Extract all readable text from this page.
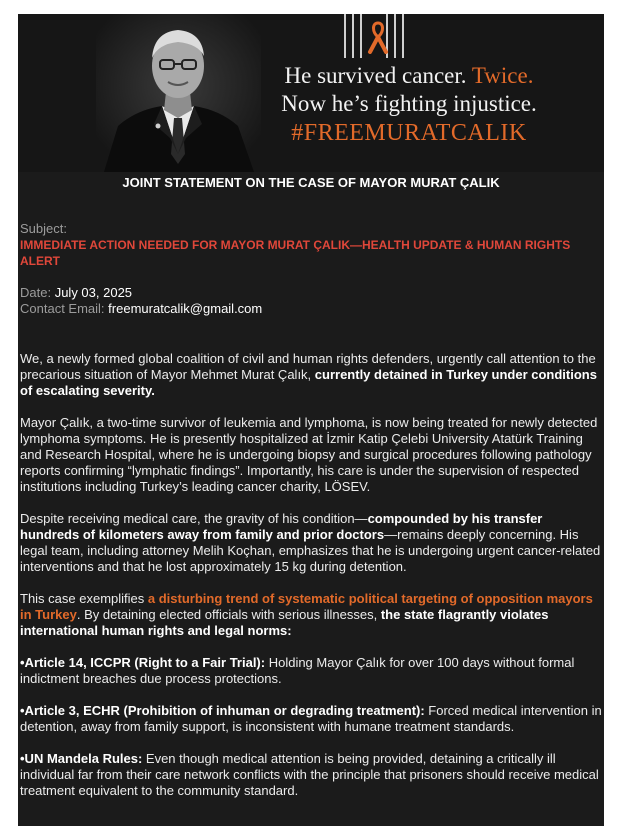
He survived cancer. Twice.
Now he’s fighting injustice.
#FREEMURATCALIK
JOINT STATEMENT ON THE CASE OF MAYOR MURAT ÇALIK
Subject:
IMMEDIATE ACTION NEEDED FOR MAYOR MURAT ÇALIK—HEALTH UPDATE & HUMAN RIGHTS ALERT
Date: July 03, 2025
Contact Email: freemuratcalik@gmail.com

We, a newly formed global coalition of civil and human rights defenders, urgently call attention to the precarious situation of Mayor Mehmet Murat Çalık, currently detained in Turkey under conditions of escalating severity.

Mayor Çalık, a two-time survivor of leukemia and lymphoma, is now being treated for newly detected lymphoma symptoms. He is presently hospitalized at İzmir Katip Çelebi University Atatürk Training and Research Hospital, where he is undergoing biopsy and surgical procedures following pathology reports confirming “lymphatic findings”. Importantly, his care is under the supervision of respected institutions including Turkey’s leading cancer charity, LÖSEV.

Despite receiving medical care, the gravity of his condition—compounded by his transfer hundreds of kilometers away from family and prior doctors—remains deeply concerning. His legal team, including attorney Melih Koçhan, emphasizes that he is undergoing urgent cancer-related interventions and that he lost approximately 15 kg during detention.

This case exemplifies a disturbing trend of systematic political targeting of opposition mayors in Turkey. By detaining elected officials with serious illnesses, the state flagrantly violates international human rights and legal norms:

•Article 14, ICCPR (Right to a Fair Trial): Holding Mayor Çalık for over 100 days without formal indictment breaches due process protections.

•Article 3, ECHR (Prohibition of inhuman or degrading treatment): Forced medical intervention in detention, away from family support, is inconsistent with humane treatment standards.

•UN Mandela Rules: Even though medical attention is being provided, detaining a critically ill individual far from their care network conflicts with the principle that prisoners should receive medical treatment equivalent to the community standard.
